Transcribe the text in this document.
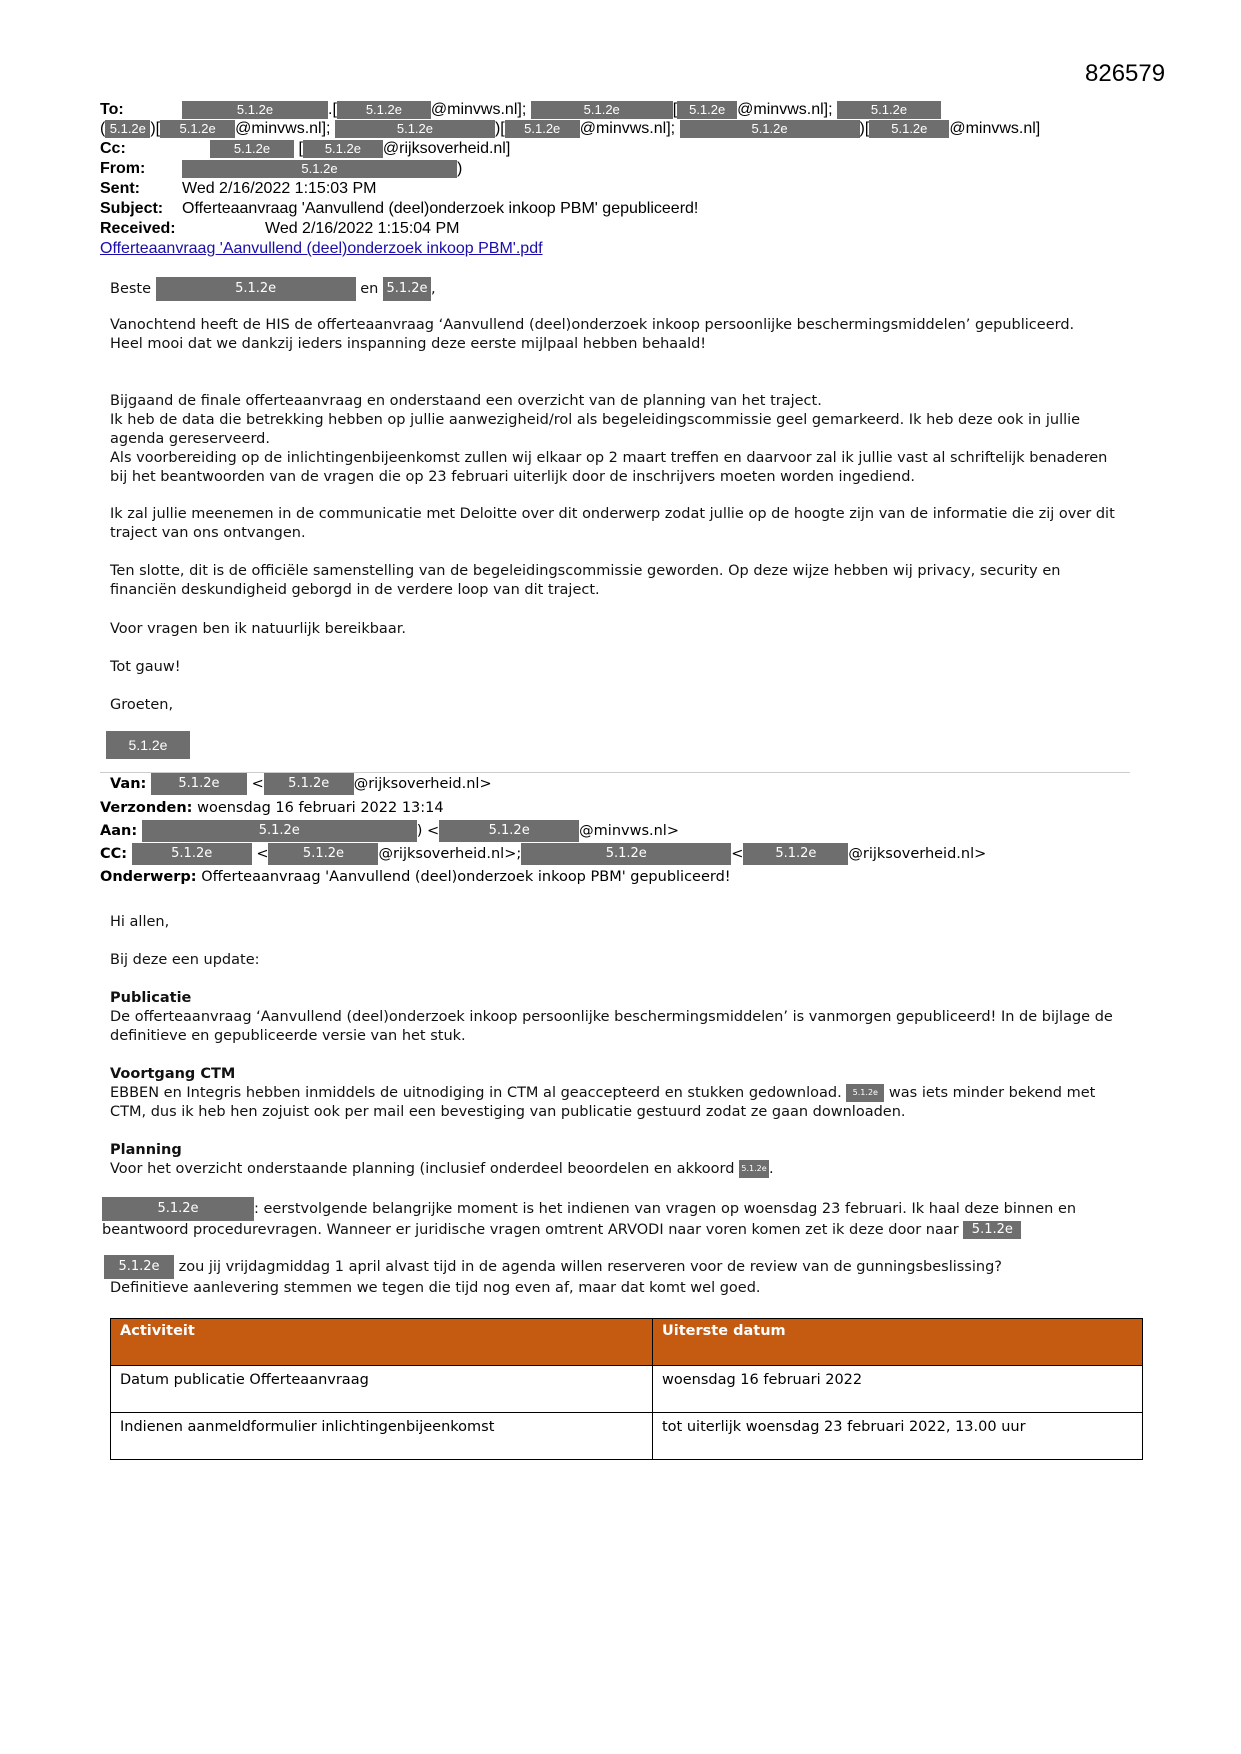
826579
To:	5.1.2e	.[ 5.1.2e @minvws.nl];	5.1.2e	[ 5.1.2e @minvws.nl];	5.1.2e
( 5.1.2e )[ 5.1.2e @minvws.nl];	5.1.2e	)[ 5.1.2e @minvws.nl];	5.1.2e	)[ 5.1.2e @minvws.nl]
Cc:	5.1.2e [ 5.1.2e @rijksoverheid.nl]
From:	5.1.2e	)
Sent:	Wed 2/16/2022 1:15:03 PM
Subject: Offerteaanvraag 'Aanvullend (deel)onderzoek inkoop PBM' gepubliceerd!
Received:	Wed 2/16/2022 1:15:04 PM
Offerteaanvraag 'Aanvullend (deel)onderzoek inkoop PBM'.pdf
Beste	5.1.2e	en 5.1.2e ,

Vanochtend heeft de HIS de offerteaanvraag ‘Aanvullend (deel)onderzoek inkoop persoonlijke beschermingsmiddelen’ gepubliceerd.

Heel mooi dat we dankzij ieders inspanning deze eerste mijlpaal hebben behaald!

Bijgaand de finale offerteaanvraag en onderstaand een overzicht van de planning van het traject.

Ik heb de data die betrekking hebben op jullie aanwezigheid/rol als begeleidingscommissie geel gemarkeerd. Ik heb deze ook in jullie agenda gereserveerd.

Als voorbereiding op de inlichtingenbijeenkomst zullen wij elkaar op 2 maart treffen en daarvoor zal ik jullie vast al schriftelijk benaderen bij het beantwoorden van de vragen die op 23 februari uiterlijk door de inschrijvers moeten worden ingediend.

Ik zal jullie meenemen in de communicatie met Deloitte over dit onderwerp zodat jullie op de hoogte zijn van de informatie die zij over dit traject van ons ontvangen.

Ten slotte, dit is de officiële samenstelling van de begeleidingscommissie geworden. Op deze wijze hebben wij privacy, security en financiën deskundigheid geborgd in de verdere loop van dit traject.

Voor vragen ben ik natuurlijk bereikbaar.

Tot gauw!

Groeten,

5.1.2e
Van: 5.1.2e < 5.1.2e @rijksoverheid.nl>
Verzonden: woensdag 16 februari 2022 13:14
Aan:	5.1.2e	) <	5.1.2e	@minvws.nl>
CC:	5.1.2e	<	5.1.2e @rijksoverheid.nl>;	5.1.2e	< 5.1.2e @rijksoverheid.nl>
Onderwerp: Offerteaanvraag 'Aanvullend (deel)onderzoek inkoop PBM' gepubliceerd!

Hi allen,

Bij deze een update:

Publicatie

De offerteaanvraag ‘Aanvullend (deel)onderzoek inkoop persoonlijke beschermingsmiddelen’ is vanmorgen gepubliceerd! In de bijlage de definitieve en gepubliceerde versie van het stuk.

Voortgang CTM

EBBEN en Integris hebben inmiddels de uitnodiging in CTM al geaccepteerd en stukken gedownload. 5.1.2e was iets minder bekend met CTM, dus ik heb hen zojuist ook per mail een bevestiging van publicatie gestuurd zodat ze gaan downloaden.

Planning

Voor het overzicht onderstaande planning (inclusief onderdeel beoordelen en akkoord 5.1.2e .

5.1.2e	: eerstvolgende belangrijke moment is het indienen van vragen op woensdag 23 februari. Ik haal deze binnen en beantwoord procedurevragen. Wanneer er juridische vragen omtrent ARVODI naar voren komen zet ik deze door naar 5.1.2e

5.1.2e zou jij vrijdagmiddag 1 april alvast tijd in de agenda willen reserveren voor de review van de gunningsbeslissing?

Definitieve aanlevering stemmen we tegen die tijd nog even af, maar dat komt wel goed.

Activiteit	Uiterste datum
Datum publicatie Offerteaanvraag	woensdag 16 februari 2022
Indienen aanmeldformulier inlichtingenbijeenkomst	tot uiterlijk woensdag 23 februari 2022, 13.00 uur
